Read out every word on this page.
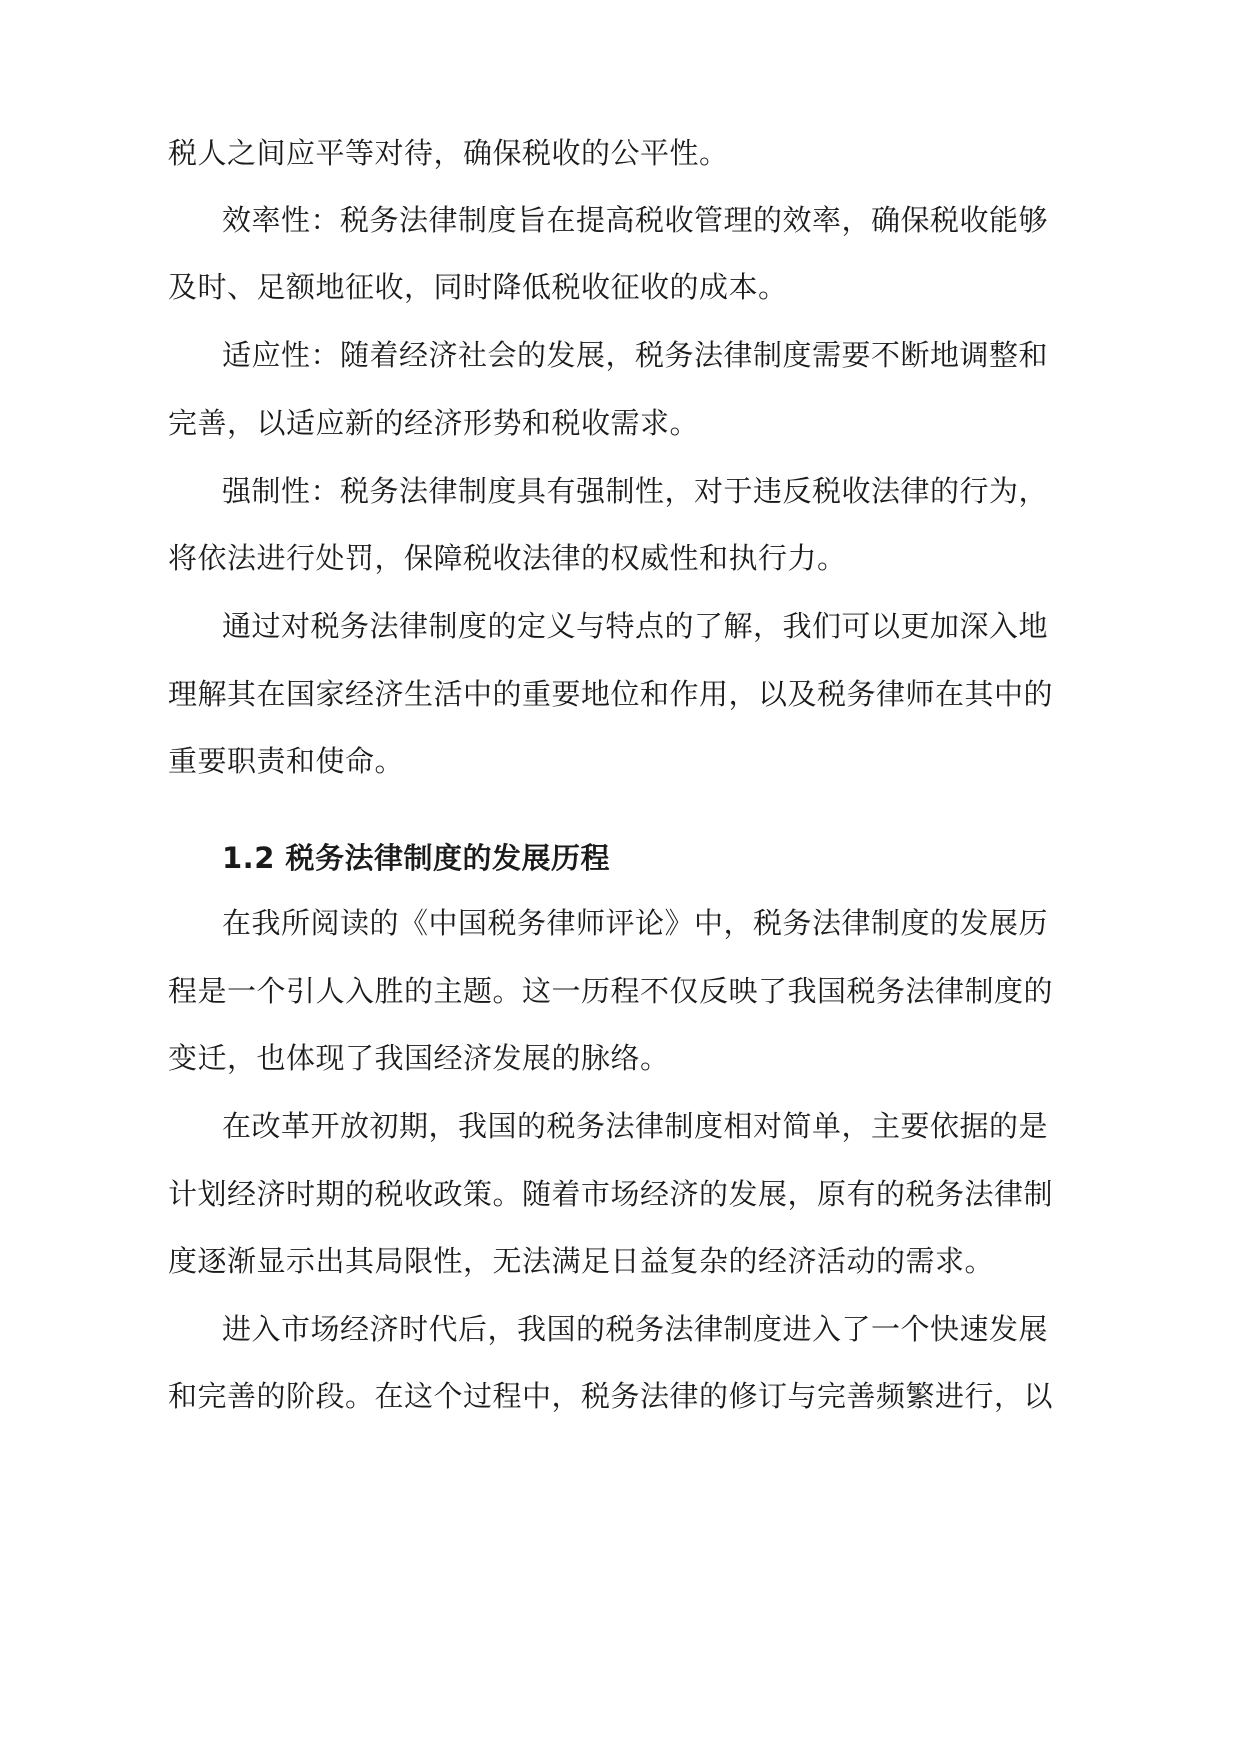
税人之间应平等对待，确保税收的公平性。
效率性：税务法律制度旨在提高税收管理的效率，确保税收能够
及时、足额地征收，同时降低税收征收的成本。
适应性：随着经济社会的发展，税务法律制度需要不断地调整和
完善，以适应新的经济形势和税收需求。
强制性：税务法律制度具有强制性，对于违反税收法律的行为，
将依法进行处罚，保障税收法律的权威性和执行力。
通过对税务法律制度的定义与特点的了解，我们可以更加深入地
理解其在国家经济生活中的重要地位和作用，以及税务律师在其中的
重要职责和使命。
1.2 税务法律制度的发展历程
在我所阅读的《中国税务律师评论》中，税务法律制度的发展历
程是一个引人入胜的主题。这一历程不仅反映了我国税务法律制度的
变迁，也体现了我国经济发展的脉络。
在改革开放初期，我国的税务法律制度相对简单，主要依据的是
计划经济时期的税收政策。随着市场经济的发展，原有的税务法律制
度逐渐显示出其局限性，无法满足日益复杂的经济活动的需求。
进入市场经济时代后，我国的税务法律制度进入了一个快速发展
和完善的阶段。在这个过程中，税务法律的修订与完善频繁进行，以
